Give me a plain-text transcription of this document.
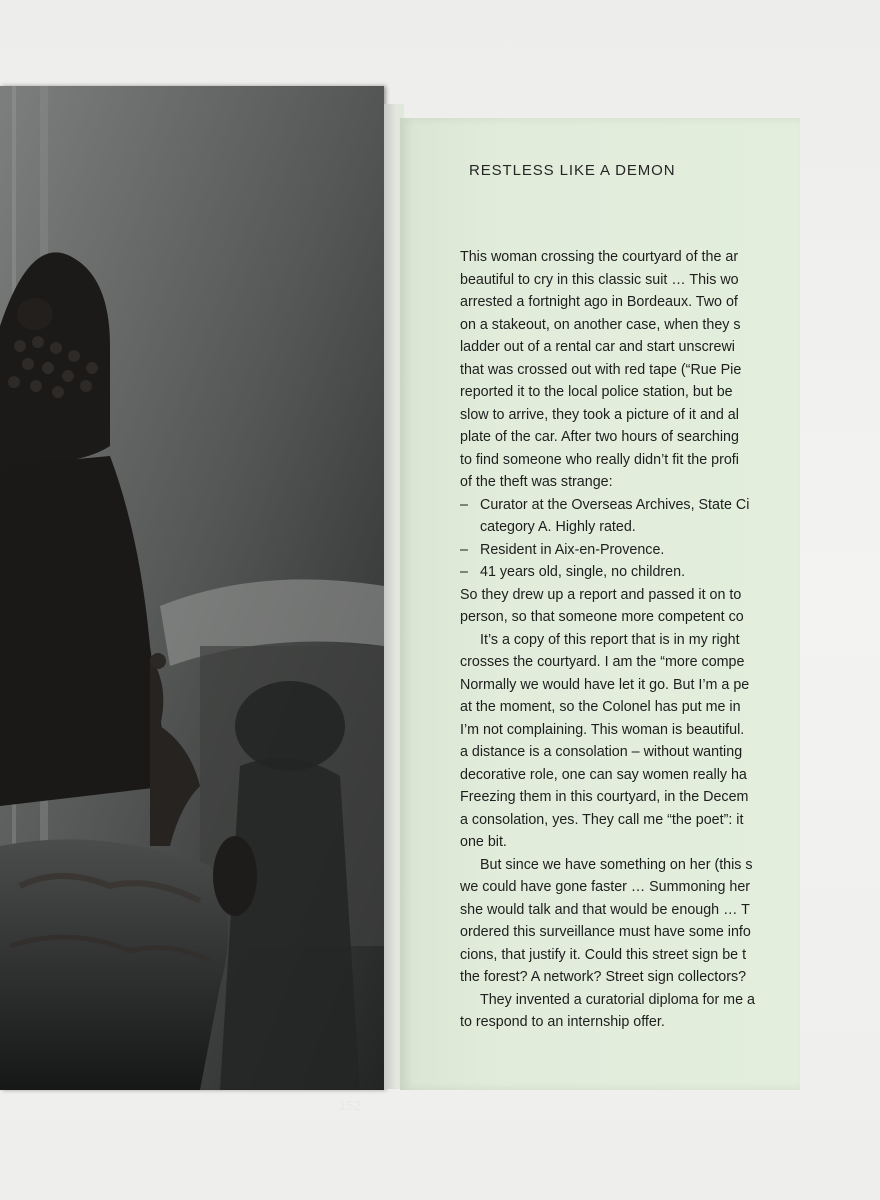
152
RESTLESS LIKE A DEMON
This woman crossing the courtyard of the ar
beautiful to cry in this classic suit … This wo
arrested a fortnight ago in Bordeaux. Two of
on a stakeout, on another case, when they s
ladder out of a rental car and start unscrewi
that was crossed out with red tape (“Rue Pie
reported it to the local police station, but be
slow to arrive, they took a picture of it and al
plate of the car. After two hours of searching
to find someone who really didn’t fit the profi
of the theft was strange:
– Curator at the Overseas Archives, State Ci
category A. Highly rated.
– Resident in Aix-en-Provence.
– 41 years old, single, no children.
So they drew up a report and passed it on to
person, so that someone more competent co
It’s a copy of this report that is in my right
crosses the courtyard. I am the “more compe
Normally we would have let it go. But I’m a pe
at the moment, so the Colonel has put me in
I’m not complaining. This woman is beautiful.
a distance is a consolation – without wanting
decorative role, one can say women really ha
Freezing them in this courtyard, in the Decem
a consolation, yes. They call me “the poet”: it
one bit.
But since we have something on her (this s
we could have gone faster … Summoning her
she would talk and that would be enough … T
ordered this surveillance must have some info
cions, that justify it. Could this street sign be t
the forest? A network? Street sign collectors?
They invented a curatorial diploma for me a
to respond to an internship offer.
